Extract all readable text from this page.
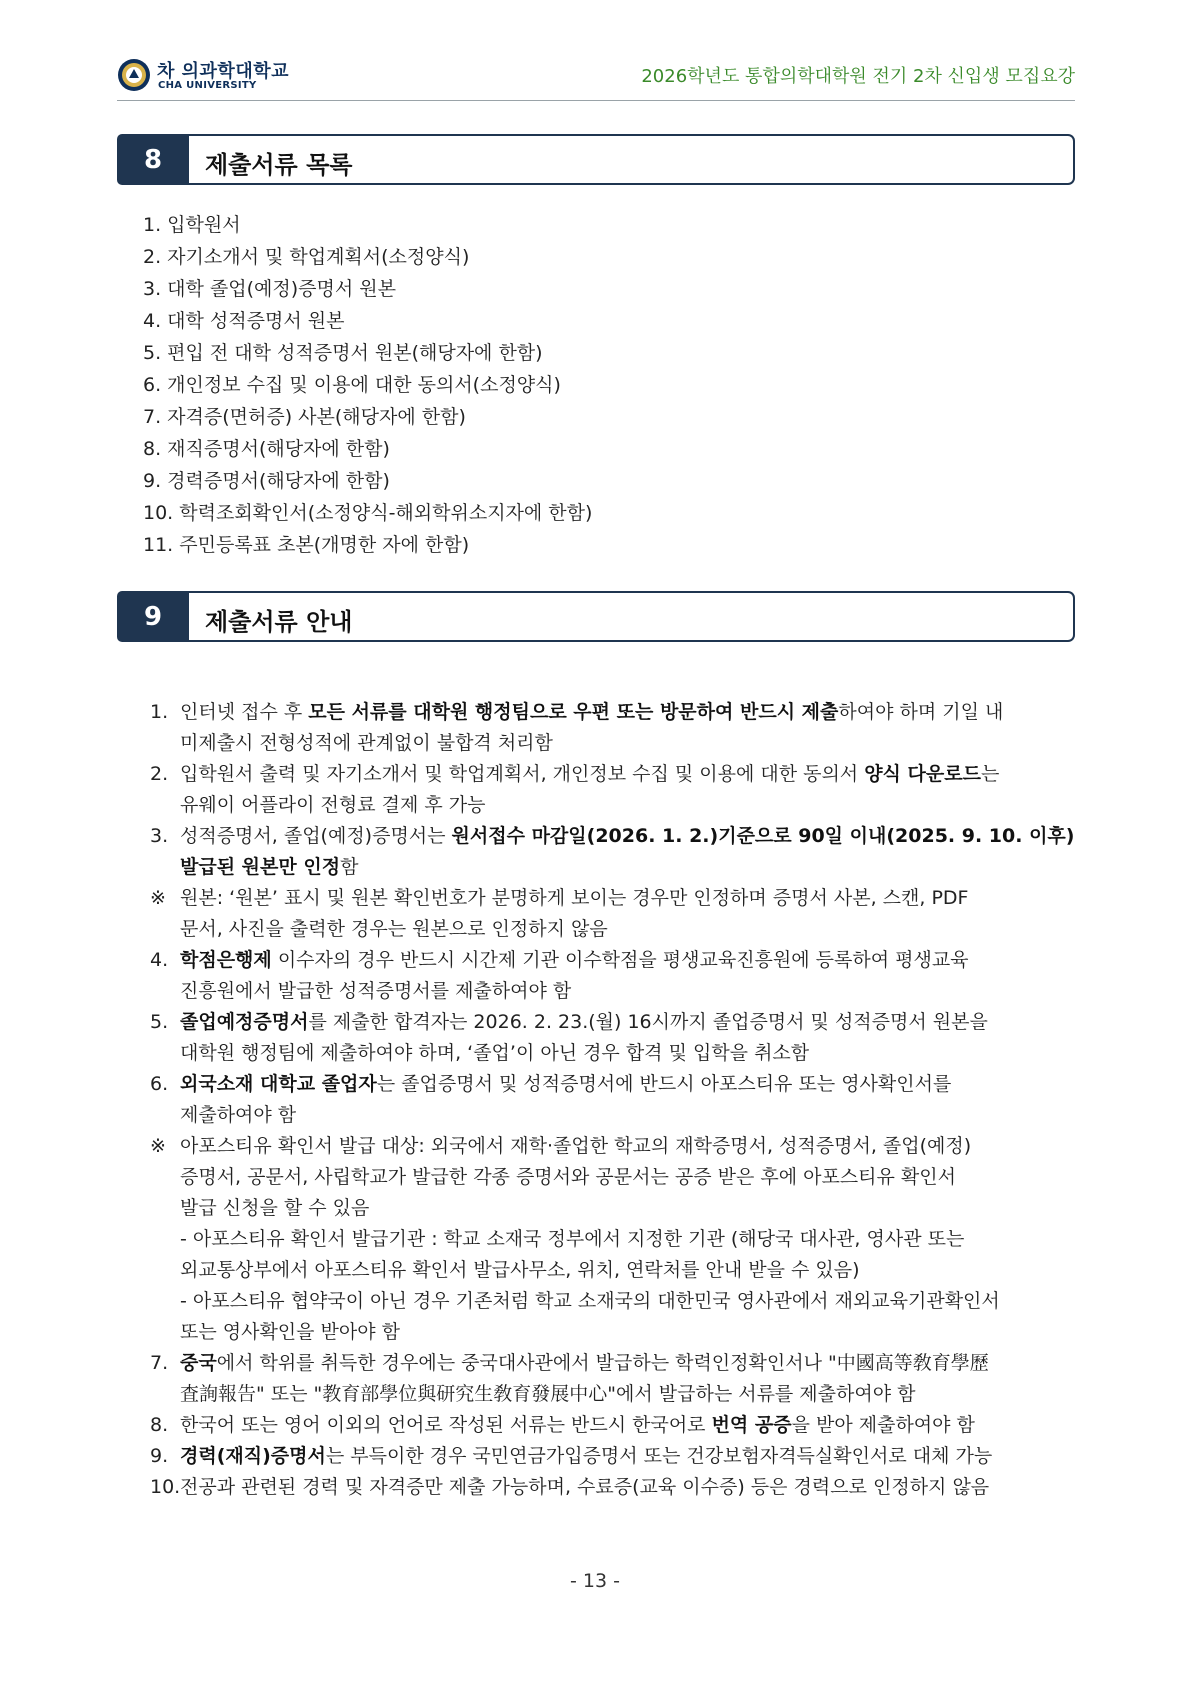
차 의과학대학교
CHA UNIVERSITY	2026학년도 통합의학대학원 전기 2차 신입생 모집요강
8	제출서류 목록
1. 입학원서
2. 자기소개서 및 학업계획서(소정양식)
3. 대학 졸업(예정)증명서 원본
4. 대학 성적증명서 원본
5. 편입 전 대학 성적증명서 원본(해당자에 한함)
6. 개인정보 수집 및 이용에 대한 동의서(소정양식)
7. 자격증(면허증) 사본(해당자에 한함)
8. 재직증명서(해당자에 한함)
9. 경력증명서(해당자에 한함)
10. 학력조회확인서(소정양식-해외학위소지자에 한함)
11. 주민등록표 초본(개명한 자에 한함)
9	제출서류 안내
1. 인터넷 접수 후 모든 서류를 대학원 행정팀으로 우편 또는 방문하여 반드시 제출하여야 하며 기일 내
미제출시 전형성적에 관계없이 불합격 처리함
2. 입학원서 출력 및 자기소개서 및 학업계획서, 개인정보 수집 및 이용에 대한 동의서 양식 다운로드는
유웨이 어플라이 전형료 결제 후 가능
3. 성적증명서, 졸업(예정)증명서는 원서접수 마감일(2026. 1. 2.)기준으로 90일 이내(2025. 9. 10. 이후)
발급된 원본만 인정함
※ 원본: ‘원본’ 표시 및 원본 확인번호가 분명하게 보이는 경우만 인정하며 증명서 사본, 스캔, PDF
문서, 사진을 출력한 경우는 원본으로 인정하지 않음
4. 학점은행제 이수자의 경우 반드시 시간제 기관 이수학점을 평생교육진흥원에 등록하여 평생교육
진흥원에서 발급한 성적증명서를 제출하여야 함
5. 졸업예정증명서를 제출한 합격자는 2026. 2. 23.(월) 16시까지 졸업증명서 및 성적증명서 원본을
대학원 행정팀에 제출하여야 하며, ‘졸업’이 아닌 경우 합격 및 입학을 취소함
6. 외국소재 대학교 졸업자는 졸업증명서 및 성적증명서에 반드시 아포스티유 또는 영사확인서를
제출하여야 함
※ 아포스티유 확인서 발급 대상: 외국에서 재학·졸업한 학교의 재학증명서, 성적증명서, 졸업(예정)
증명서, 공문서, 사립학교가 발급한 각종 증명서와 공문서는 공증 받은 후에 아포스티유 확인서
발급 신청을 할 수 있음
- 아포스티유 확인서 발급기관 : 학교 소재국 정부에서 지정한 기관 (해당국 대사관, 영사관 또는
외교통상부에서 아포스티유 확인서 발급사무소, 위치, 연락처를 안내 받을 수 있음)
- 아포스티유 협약국이 아닌 경우 기존처럼 학교 소재국의 대한민국 영사관에서 재외교육기관확인서
또는 영사확인을 받아야 함
7. 중국에서 학위를 취득한 경우에는 중국대사관에서 발급하는 학력인정확인서나 "中國高等敎育學歷
査詢報告" 또는 "教育部學位與研究生敎育發展中心"에서 발급하는 서류를 제출하여야 함
8. 한국어 또는 영어 이외의 언어로 작성된 서류는 반드시 한국어로 번역 공증을 받아 제출하여야 함
9. 경력(재직)증명서는 부득이한 경우 국민연금가입증명서 또는 건강보험자격득실확인서로 대체 가능
10. 전공과 관련된 경력 및 자격증만 제출 가능하며, 수료증(교육 이수증) 등은 경력으로 인정하지 않음
- 13 -
